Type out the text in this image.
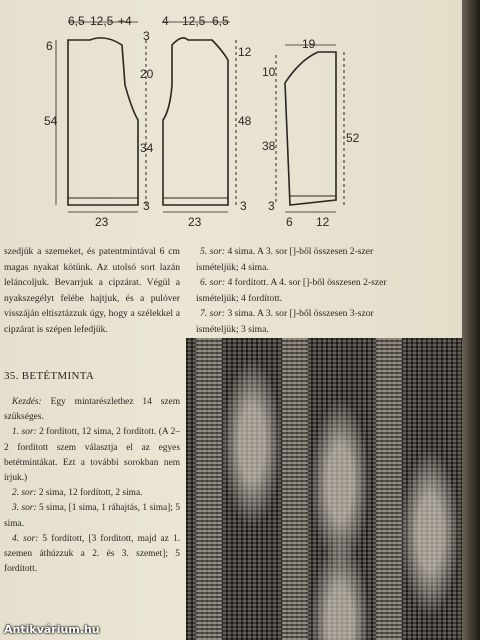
6,5 12,5 +4
6
54
20
34
3
23
4 12,5 6,5
3
12
48
3
23
19
10
38
52
3
6 12
szedjük a szemeket, és patentmintával 6 cm magas nyakat kötünk. Az utolsó sort lazán leláncoljuk. Bevarrjuk a cipzárat. Végül a nyakszegélyt felébe hajtjuk, és a pulóver visszáján eltisztázzuk úgy, hogy a szélekkel a cipzárat is szépen lefedjük.

5. sor: 4 sima. A 3. sor []-ből összesen 2-szer ismételjük; 4 sima.

6. sor: 4 fordított. A 4. sor []-ből összesen 2-szer ismételjük; 4 fordított.

7. sor: 3 sima. A 3. sor []-ből összesen 3-szor ismételjük; 3 sima.

35. BETÉTMINTA

Kezdés: Egy mintarészlethez 14 szem szükséges.

1. sor: 2 fordított, 12 sima, 2 fordított. (A 2–2 fordított szem választja el az egyes betétmintákat. Ezt a további sorokban nem írjuk.)

2. sor: 2 sima, 12 fordított, 2 sima.

3. sor: 5 sima, [1 sima, 1 ráhajtás, 1 sima]; 5 sima.

4. sor: 5 fordított, [3 fordított, majd az 1. szemen áthúzzuk a 2. és 3. szemet]; 5 fordított.

Antikvárium.hu
